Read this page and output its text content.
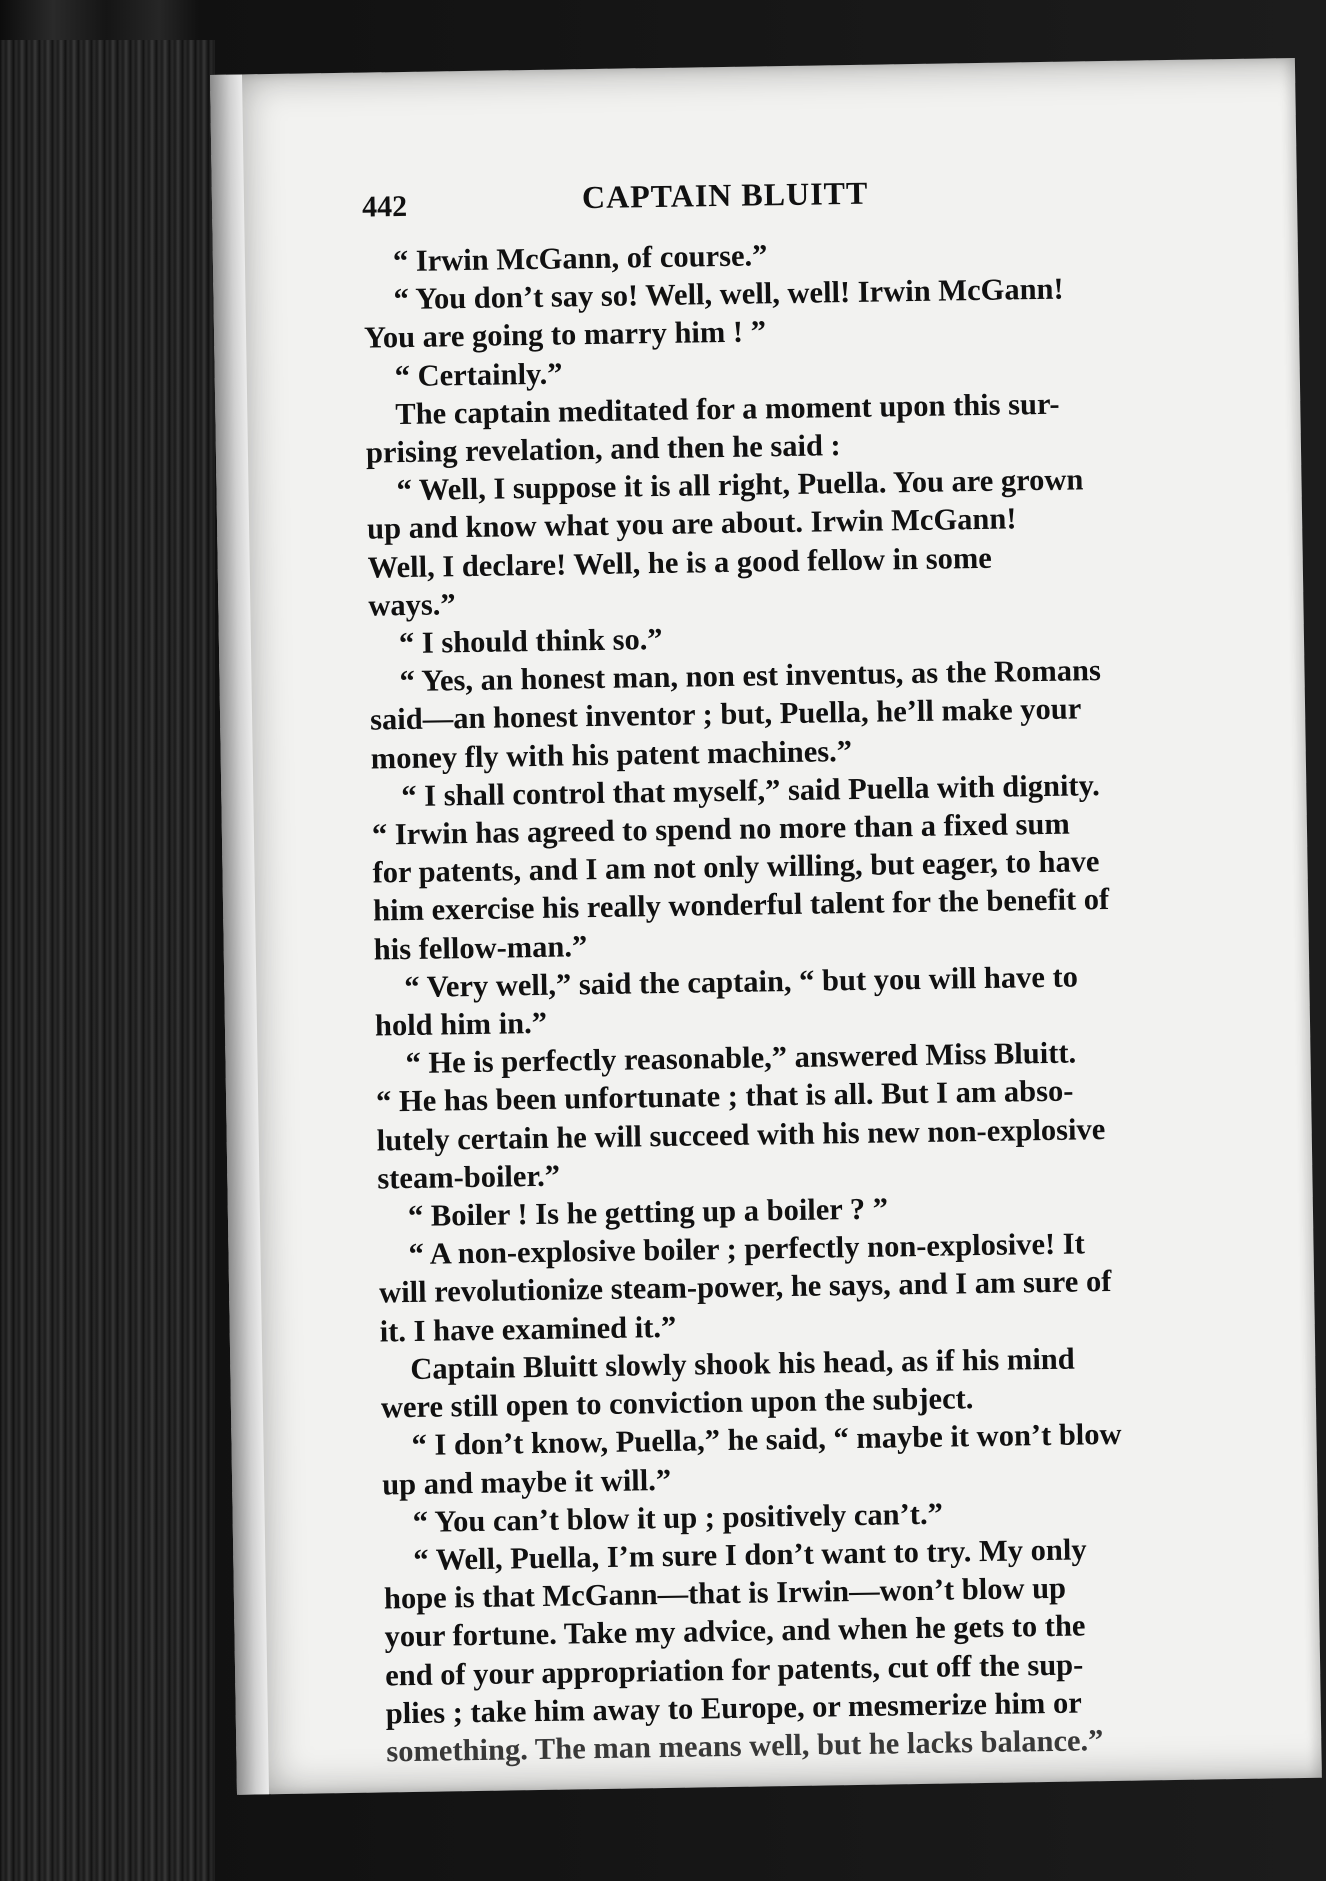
442	CAPTAIN BLUITT
“ Irwin McGann, of course.”
“ You don’t say so! Well, well, well! Irwin McGann!
You are going to marry him ! ”
“ Certainly.”
The captain meditated for a moment upon this sur-
prising revelation, and then he said :
“ Well, I suppose it is all right, Puella. You are grown
up and know what you are about. Irwin McGann!
Well, I declare! Well, he is a good fellow in some
ways.”
“ I should think so.”
“ Yes, an honest man, non est inventus, as the Romans
said—an honest inventor ; but, Puella, he’ll make your
money fly with his patent machines.”
“ I shall control that myself,” said Puella with dignity.
“ Irwin has agreed to spend no more than a fixed sum
for patents, and I am not only willing, but eager, to have
him exercise his really wonderful talent for the benefit of
his fellow-man.”
“ Very well,” said the captain, “ but you will have to
hold him in.”
“ He is perfectly reasonable,” answered Miss Bluitt.
“ He has been unfortunate ; that is all. But I am abso-
lutely certain he will succeed with his new non-explosive
steam-boiler.”
“ Boiler ! Is he getting up a boiler ? ”
“ A non-explosive boiler ; perfectly non-explosive! It
will revolutionize steam-power, he says, and I am sure of
it. I have examined it.”
Captain Bluitt slowly shook his head, as if his mind
were still open to conviction upon the subject.
“ I don’t know, Puella,” he said, “ maybe it won’t blow
up and maybe it will.”
“ You can’t blow it up ; positively can’t.”
“ Well, Puella, I’m sure I don’t want to try. My only
hope is that McGann—that is Irwin—won’t blow up
your fortune. Take my advice, and when he gets to the
end of your appropriation for patents, cut off the sup-
plies ; take him away to Europe, or mesmerize him or
something. The man means well, but he lacks balance.”
